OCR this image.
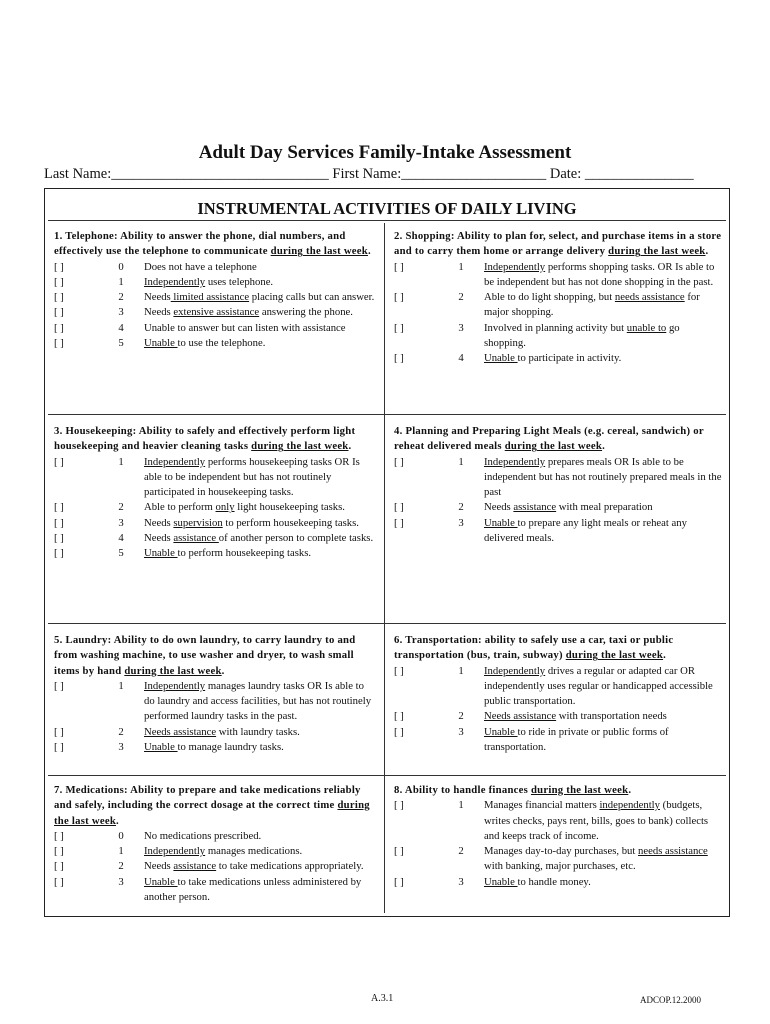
Adult Day Services Family-Intake Assessment
Last Name:______________________________ First Name:____________________ Date: _______________
INSTRUMENTAL ACTIVITIES OF DAILY LIVING
1. Telephone: Ability to answer the phone, dial numbers, and effectively use the telephone to communicate during the last week.
[ ]	0	Does not have a telephone
[ ]	1	Independently uses telephone.
[ ]	2	Needs limited assistance placing calls but can answer.
[ ]	3	Needs extensive assistance answering the phone.
[ ]	4	Unable to answer but can listen with assistance
[ ]	5	Unable to use the telephone.
2. Shopping: Ability to plan for, select, and purchase items in a store and to carry them home or arrange delivery during the last week.
[ ]	1	Independently performs shopping tasks. OR Is able to be independent but has not done shopping in the past.
[ ]	2	Able to do light shopping, but needs assistance for major shopping.
[ ]	3	Involved in planning activity but unable to go shopping.
[ ]	4	Unable to participate in activity.
3. Housekeeping: Ability to safely and effectively perform light housekeeping and heavier cleaning tasks during the last week.
[ ]	1	Independently performs housekeeping tasks OR Is able to be independent but has not routinely participated in housekeeping tasks.
[ ]	2	Able to perform only light housekeeping tasks.
[ ]	3	Needs supervision to perform housekeeping tasks.
[ ]	4	Needs assistance of another person to complete tasks.
[ ]	5	Unable to perform housekeeping tasks.
4. Planning and Preparing Light Meals (e.g. cereal, sandwich) or reheat delivered meals during the last week.
[ ]	1	Independently prepares meals OR Is able to be independent but has not routinely prepared meals in the past
[ ]	2	Needs assistance with meal preparation
[ ]	3	Unable to prepare any light meals or reheat any delivered meals.
5. Laundry: Ability to do own laundry, to carry laundry to and from washing machine, to use washer and dryer, to wash small items by hand during the last week.
[ ]	1	Independently manages laundry tasks OR Is able to do laundry and access facilities, but has not routinely performed laundry tasks in the past.
[ ]	2	Needs assistance with laundry tasks.
[ ]	3	Unable to manage laundry tasks.
6. Transportation: ability to safely use a car, taxi or public transportation (bus, train, subway) during the last week.
[ ]	1	Independently drives a regular or adapted car OR independently uses regular or handicapped accessible public transportation.
[ ]	2	Needs assistance with transportation needs
[ ]	3	Unable to ride in private or public forms of transportation.
7. Medications: Ability to prepare and take medications reliably and safely, including the correct dosage at the correct time during the last week.
[ ]	0	No medications prescribed.
[ ]	1	Independently manages medications.
[ ]	2	Needs assistance to take medications appropriately.
[ ]	3	Unable to take medications unless administered by another person.
8. Ability to handle finances during the last week.
[ ]	1	Manages financial matters independently (budgets, writes checks, pays rent, bills, goes to bank) collects and keeps track of income.
[ ]	2	Manages day-to-day purchases, but needs assistance with banking, major purchases, etc.
[ ]	3	Unable to handle money.
A.3.1	ADCOP.12.2000
